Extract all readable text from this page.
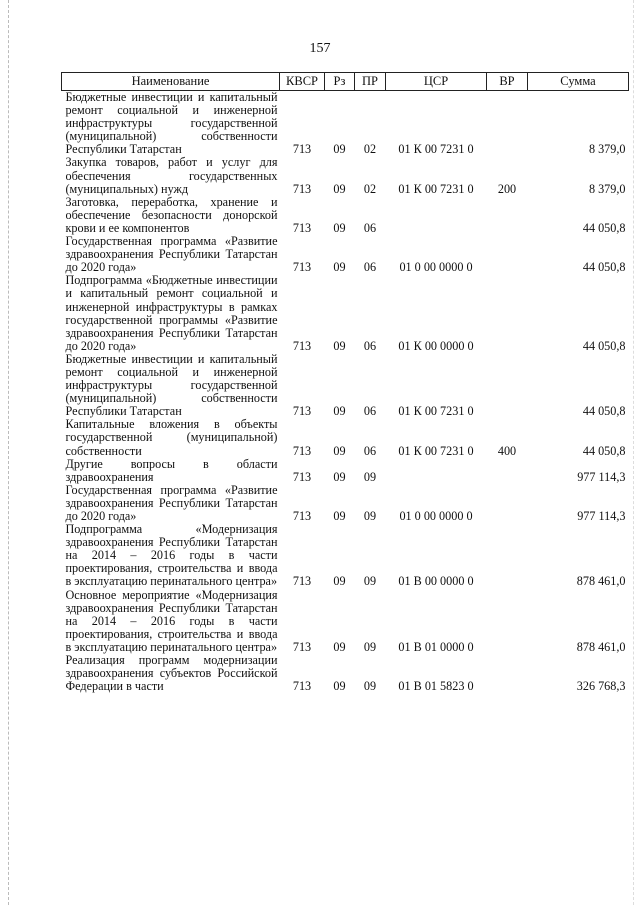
157
Наименование	КВСР	Рз	ПР	ЦСР	ВР	Сумма
Бюджетные инвестиции и капитальный ремонт социальной и инженерной инфраструктуры государственной (муниципальной) собственности Республики Татарстан	713	09	02	01 К 00 7231 0		8 379,0
Закупка товаров, работ и услуг для обеспечения государственных (муниципальных) нужд	713	09	02	01 К 00 7231 0	200	8 379,0
Заготовка, переработка, хранение и обеспечение безопасности донорской крови и ее компонентов	713	09	06			44 050,8
Государственная программа «Развитие здравоохранения Республики Татарстан до 2020 года»	713	09	06	01 0 00 0000 0		44 050,8
Подпрограмма «Бюджетные инвестиции и капитальный ремонт социальной и инженерной инфраструктуры в рамках государственной программы «Развитие здравоохранения Республики Татарстан до 2020 года»	713	09	06	01 К 00 0000 0		44 050,8
Бюджетные инвестиции и капитальный ремонт социальной и инженерной инфраструктуры государственной (муниципальной) собственности Республики Татарстан	713	09	06	01 К 00 7231 0		44 050,8
Капитальные вложения в объекты государственной (муниципальной) собственности	713	09	06	01 К 00 7231 0	400	44 050,8
Другие вопросы в области здравоохранения	713	09	09			977 114,3
Государственная программа «Развитие здравоохранения Республики Татарстан до 2020 года»	713	09	09	01 0 00 0000 0		977 114,3
Подпрограмма «Модернизация здравоохранения Республики Татарстан на 2014 – 2016 годы в части проектирования, строительства и ввода в эксплуатацию перинатального центра»	713	09	09	01 В 00 0000 0		878 461,0
Основное мероприятие «Модернизация здравоохранения Республики Татарстан на 2014 – 2016 годы в части проектирования, строительства и ввода в эксплуатацию перинатального центра»	713	09	09	01 В 01 0000 0		878 461,0
Реализация программ модернизации здравоохранения субъектов Российской Федерации в части	713	09	09	01 В 01 5823 0		326 768,3
